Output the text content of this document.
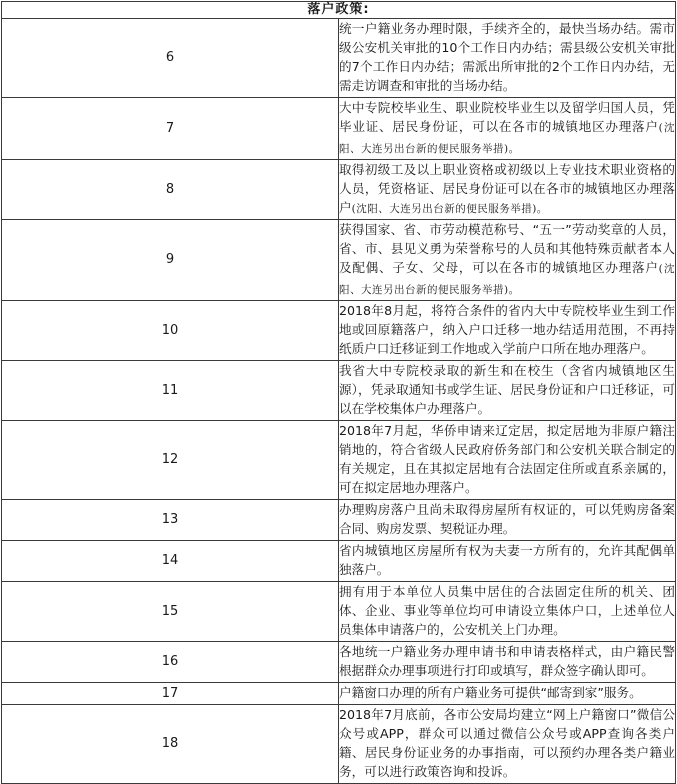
落户政策:	
6	统一户籍业务办理时限，手续齐全的，最快当场办结。需市级公安机关审批的10个工作日内办结；需县级公安机关审批的7个工作日内办结；需派出所审批的2个工作日内办结，无需走访调查和审批的当场办结。
7	大中专院校毕业生、职业院校毕业生以及留学归国人员，凭毕业证、居民身份证，可以在各市的城镇地区办理落户(沈阳、大连另出台新的便民服务举措)。
8	取得初级工及以上职业资格或初级以上专业技术职业资格的人员，凭资格证、居民身份证可以在各市的城镇地区办理落户(沈阳、大连另出台新的便民服务举措)。
9	获得国家、省、市劳动模范称号、“五一”劳动奖章的人员，省、市、县见义勇为荣誉称号的人员和其他特殊贡献者本人及配偶、子女、父母，可以在各市的城镇地区办理落户(沈阳、大连另出台新的便民服务举措)。
10	2018年8月起，将符合条件的省内大中专院校毕业生到工作地或回原籍落户，纳入户口迁移一地办结适用范围，不再持纸质户口迁移证到工作地或入学前户口所在地办理落户。
11	我省大中专院校录取的新生和在校生（含省内城镇地区生源），凭录取通知书或学生证、居民身份证和户口迁移证，可以在学校集体户办理落户。
12	2018年7月起，华侨申请来辽定居，拟定居地为非原户籍注销地的，符合省级人民政府侨务部门和公安机关联合制定的有关规定，且在其拟定居地有合法固定住所或直系亲属的，可在拟定居地办理落户。
13	办理购房落户且尚未取得房屋所有权证的，可以凭购房备案合同、购房发票、契税证办理。
14	省内城镇地区房屋所有权为夫妻一方所有的，允许其配偶单独落户。
15	拥有用于本单位人员集中居住的合法固定住所的机关、团体、企业、事业等单位均可申请设立集体户口，上述单位人员集体申请落户的，公安机关上门办理。
16	各地统一户籍业务办理申请书和申请表格样式，由户籍民警根据群众办理事项进行打印或填写，群众签字确认即可。
17	户籍窗口办理的所有户籍业务可提供“邮寄到家”服务。
18	2018年7月底前，各市公安局均建立“网上户籍窗口”微信公众号或APP，群众可以通过微信公众号或APP查询各类户籍、居民身份证业务的办事指南，可以预约办理各类户籍业务，可以进行政策咨询和投诉。
